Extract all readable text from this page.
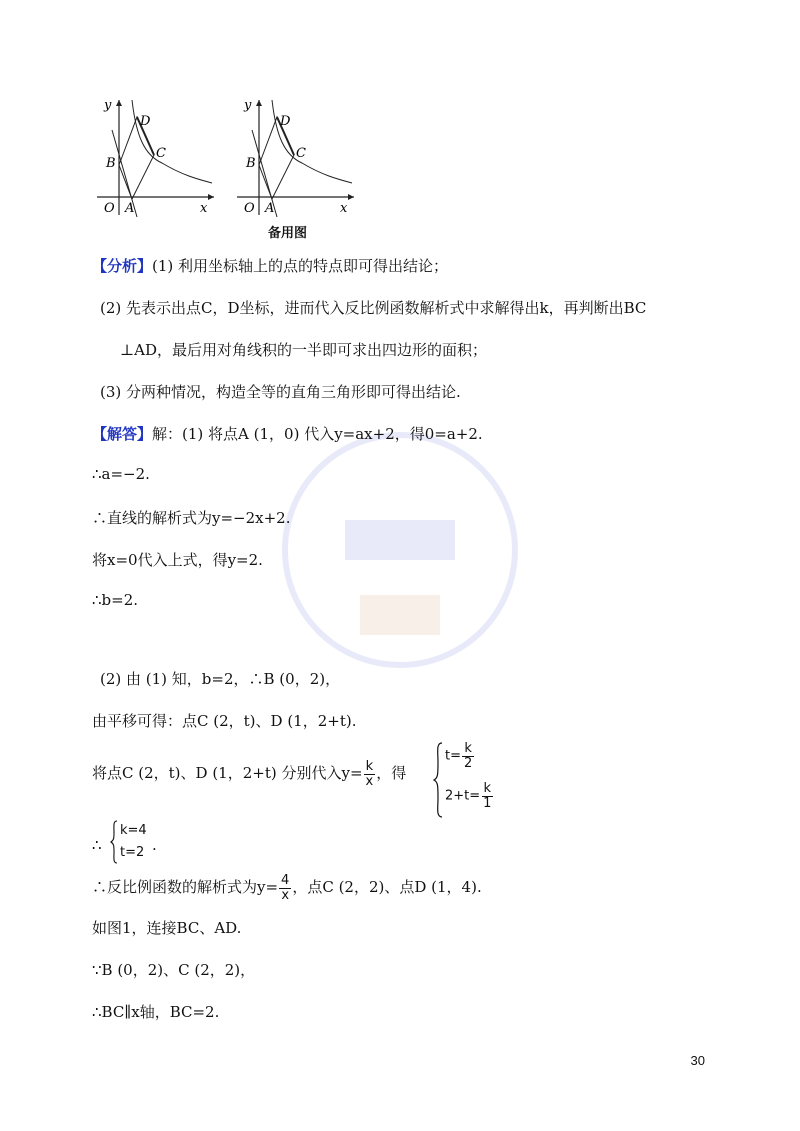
y
D
C
B
O A	x
y
D
C
B
O A	x
备用图
【分析】(1) 利用坐标轴上的点的特点即可得出结论；
(2) 先表示出点C，D坐标，进而代入反比例函数解析式中求解得出k，再判断出BC
⊥AD，最后用对角线积的一半即可求出四边形的面积；
(3) 分两种情况，构造全等的直角三角形即可得出结论.
【解答】解：(1) 将点A (1，0) 代入y=ax+2，得0=a+2.
∴a=−2.
∴直线的解析式为y=−2x+2.
将x=0代入上式，得y=2.
∴b=2.
(2) 由 (1) 知，b=2，∴B (0，2)，
由平移可得：点C (2，t)、D (1，2+t).
将点C (2，t)、D (1，2+t) 分别代入$y= \frac{k}{x}$ ，得
$t= \frac{k}{2}$
$2+t= \frac{k}{1}$
∴
k=4
t=2 .
∴反比例函数的解析式为$y= \frac{4}{x}$ ，点C (2，2)、点D (1，4).
如图1，连接BC、AD.
∵B (0，2)、C (2，2)，
∴BC∥x轴，BC=2.
30
